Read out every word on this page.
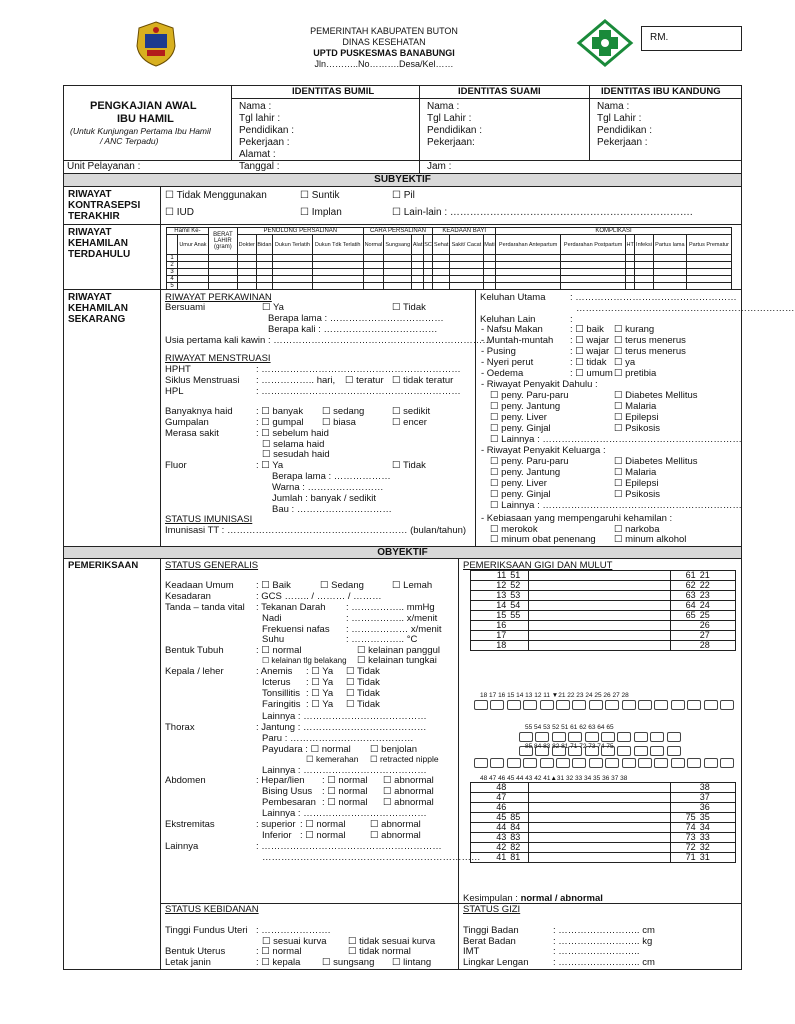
PEMERINTAH KABUPATEN BUTON
DINAS KESEHATAN
UPTD PUSKESMAS BANABUNGI
Jln………..No……….Desa/Kel……
RM.
IDENTITAS BUMIL	IDENTITAS SUAMI	IDENTITAS IBU KANDUNG
PENGKAJIAN AWAL
IBU HAMIL
(Untuk Kunjungan Pertama Ibu Hamil
/ ANC Terpadu)
Nama :
Tgl lahir :
Pendidikan :
Pekerjaan :
Alamat :
Nama :
Tgl Lahir :
Pendidikan :
Pekerjaan:
Nama :
Tgl Lahir :
Pendidikan :
Pekerjaan :
Unit Pelayanan :	Tanggal :	Jam :
SUBYEKTIF
RIWAYAT
KONTRASEPSI
TERAKHIR
☐ Tidak Menggunakan	☐ Suntik	☐ Pil
☐ IUD	☐ Implan	☐ Lain-lain : ……………………………………………………………….
RIWAYAT
KEHAMILAN
TERDAHULU
Hamil Ke-		BERAT LAHIR (gram)	PENOLONG PERSALINAN				CARA PERSALINAN				KEADAAN BAYI			KOMPLIKASI					
	Umur Anak		Dokter	Bidan	Dukun Terlatih	Dukun Tdk Terlatih	Normal	Sungsang	Alat	SC	Sehat	Sakit/ Cacat	Mati	Perdarahan Antepartum	Perdarahan Postpartum	HT	Infeksi	Partus lama	Partus Prematur
1																			
2																			
3																			
4																			
5																			
RIWAYAT
KEHAMILAN
SEKARANG
RIWAYAT PERKAWINAN
Bersuami	☐ Ya	☐ Tidak
Berapa lama : ………………………………
Berapa kali : ………………………………
Usia pertama kali kawin : ……………………………………………………………
RIWAYAT MENSTRUASI
HPHT	: ………………………………………………………
Siklus Menstruasi : …………….. hari, ☐ teratur ☐ tidak teratur
HPL	: ………………………………………………………
Banyaknya haid : ☐ banyak ☐ sedang	☐ sedikit
Gumpalan	: ☐ gumpal ☐ biasa	☐ encer
Merasa sakit	: ☐ sebelum haid
☐ selama haid
☐ sesudah haid
Fluor	: ☐ Ya	☐ Tidak
Berapa lama : ………………
Warna : ……………………
Jumlah : banyak / sedikit
Bau : …………………………
STATUS IMUNISASI
Imunisasi TT : ………………………………………………… (bulan/tahun)
Keluhan Utama	: ……………………………………………
……………………………………………………………
Keluhan Lain	:
- Nafsu Makan	: ☐ baik ☐ kurang
- Muntah-muntah : ☐ wajar ☐ terus menerus
- Pusing	: ☐ wajar ☐ terus menerus
- Nyeri perut	: ☐ tidak ☐ ya
- Oedema	: ☐ umum ☐ pretibia
- Riwayat Penyakit Dahulu :
☐ peny. Paru-paru	☐ Diabetes Mellitus
☐ peny. Jantung	☐ Malaria
☐ peny. Liver	☐ Epilepsi
☐ peny. Ginjal	☐ Psikosis
☐ Lainnya : ………………………………………………………
- Riwayat Penyakit Keluarga :
☐ peny. Paru-paru	☐ Diabetes Mellitus
☐ peny. Jantung	☐ Malaria
☐ peny. Liver	☐ Epilepsi
☐ peny. Ginjal	☐ Psikosis
☐ Lainnya : ………………………………………………………
- Kebiasaan yang mempengaruhi kehamilan :
☐ merokok	☐ narkoba
☐ minum obat penenang ☐ minum alkohol
OBYEKTIF
PEMERIKSAAN	STATUS GENERALIS
Keadaan Umum : ☐ Baik	☐ Sedang	☐ Lemah
Kesadaran	: GCS …….. / ……… / ………
Tanda – tanda vital : Tekanan Darah : …………….. mmHg
Nadi	: …………….. x/menit
Frekuensi nafas : ……………… x/menit
Suhu	: …………….. °C
Bentuk Tubuh	: ☐ normal	☐ kelainan panggul
☐ kelainan tlg belakang ☐ kelainan tungkai
Kepala / leher	: Anemis : ☐ Ya ☐ Tidak
Icterus : ☐ Ya ☐ Tidak
Tonsillitis : ☐ Ya ☐ Tidak
Faringitis : ☐ Ya ☐ Tidak
Lainnya : …………………………………
Thorax	: Jantung : …………………………………
Paru : …………………………………
Payudara : ☐ normal ☐ benjolan
☐ kemerahan ☐ retracted nipple
Lainnya : …………………………………
Abdomen	: Hepar/lien : ☐ normal ☐ abnormal
Bising Usus : ☐ normal ☐ abnormal
Pembesaran : ☐ normal ☐ abnormal
Lainnya : …………………………………
Ekstremitas	: superior : ☐ normal	☐ abnormal
Inferior : ☐ normal	☐ abnormal
Lainnya	: …………………………………………………
……………………………………………………………
PEMERIKSAAN GIGI DAN MULUT
11	51		61	21
12	52		62	22
13	53		63	23
14	54		64	24
15	55		65	25
16				26
17				27
18				28
18 17 16 15 14 13 12 11 ▼21 22 23 24 25 26 27 28
55 54 53 52 51 61 62 63 64 65
85 84 83 82 81 71 72 73 74 75
48 47 46 45 44 43 42 41▲31 32 33 34 35 36 37 38
48				38
47				37
46				36
45	85		75	35
44	84		74	34
43	83		73	33
42	82		72	32
41	81		71	31
Kesimpulan : normal / abnormal
STATUS KEBIDANAN
Tinggi Fundus Uteri : ………………….
☐ sesuai kurva ☐ tidak sesuai kurva
Bentuk Uterus	: ☐ normal	☐ tidak normal
Letak janin	: ☐ kepala ☐ sungsang ☐ lintang
STATUS GIZI
Tinggi Badan	: …………………….. cm
Berat Badan	: …………………….. kg
IMT	: ……………………..
Lingkar Lengan	: …………………….. cm
